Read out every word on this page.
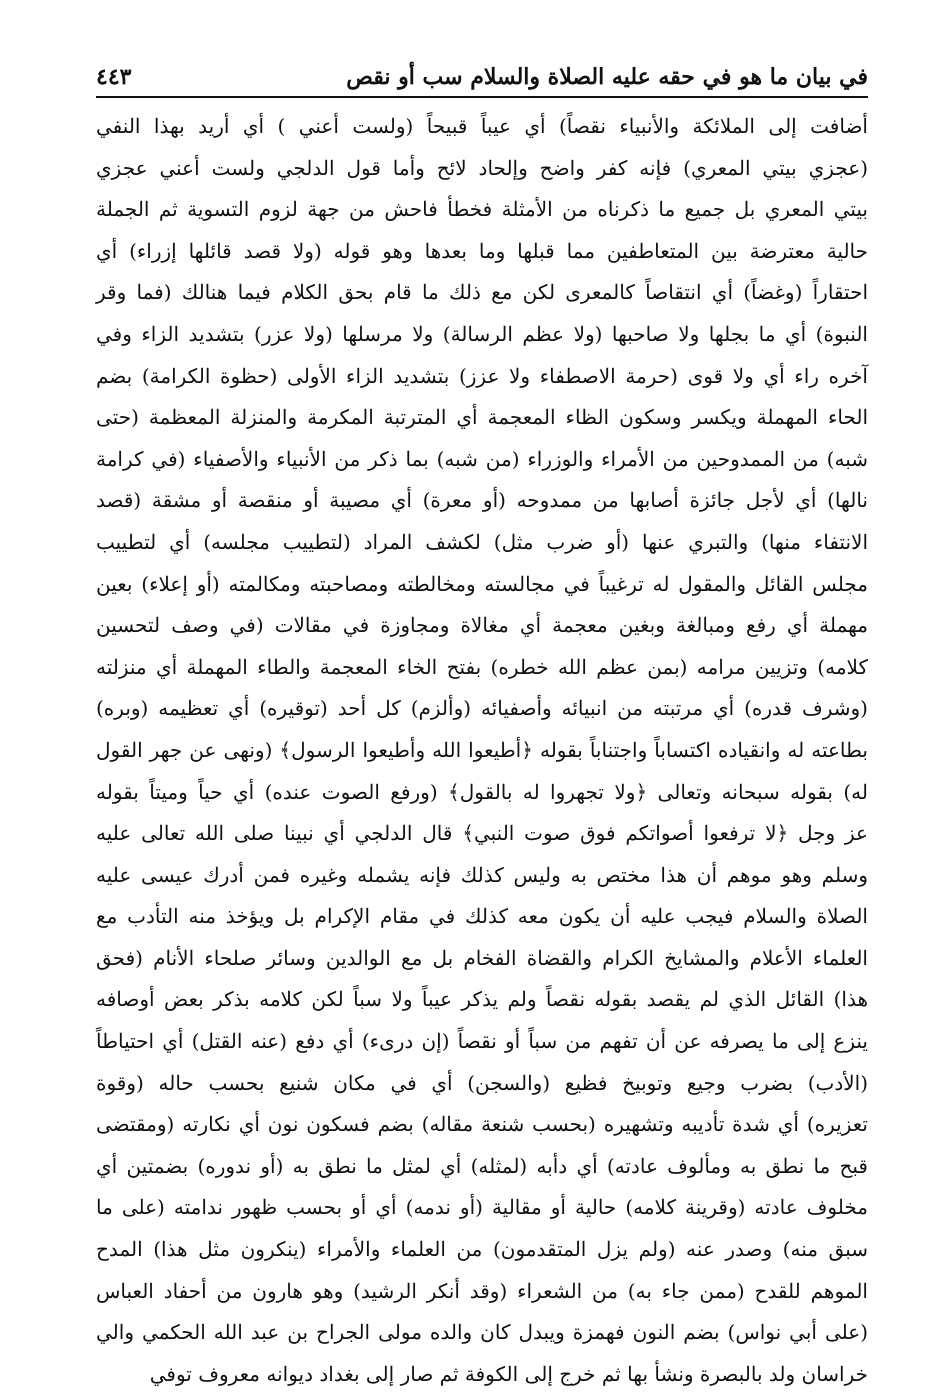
في بيان ما هو في حقه عليه الصلاة والسلام سب أو نقص
٤٤٣
أضافت إلى الملائكة والأنبياء نقصاً) أي عيباً قبيحاً (ولست أعني ) أي أريد بهذا النفي
(عجزي بيتي المعري) فإنه كفر واضح وإلحاد لائح وأما قول الدلجي ولست أعني عجزي
بيتي المعري بل جميع ما ذكرناه من الأمثلة فخطأ فاحش من جهة لزوم التسوية ثم الجملة
حالية معترضة بين المتعاطفين مما قبلها وما بعدها وهو قوله (ولا قصد قائلها إزراء) أي
احتقاراً (وغضاً) أي انتقاصاً كالمعرى لكن مع ذلك ما قام بحق الكلام فيما هنالك (فما وقر
النبوة) أي ما بجلها ولا صاحبها (ولا عظم الرسالة) ولا مرسلها (ولا عزر) بتشديد الزاء وفي
آخره راء أي ولا قوى (حرمة الاصطفاء ولا عزز) بتشديد الزاء الأولى (حظوة الكرامة) بضم
الحاء المهملة ويكسر وسكون الظاء المعجمة أي المترتبة المكرمة والمنزلة المعظمة (حتى
شبه) من الممدوحين من الأمراء والوزراء (من شبه) بما ذكر من الأنبياء والأصفياء (في كرامة
نالها) أي لأجل جائزة أصابها من ممدوحه (أو معرة) أي مصيبة أو منقصة أو مشقة (قصد
الانتفاء منها) والتبري عنها (أو ضرب مثل) لكشف المراد (لتطييب مجلسه) أي لتطييب
مجلس القائل والمقول له ترغيباً في مجالسته ومخالطته ومصاحبته ومكالمته (أو إعلاء) بعين
مهملة أي رفع ومبالغة وبغين معجمة أي مغالاة ومجاوزة في مقالات (في وصف لتحسين
كلامه) وتزيين مرامه (بمن عظم الله خطره) بفتح الخاء المعجمة والطاء المهملة أي منزلته
(وشرف قدره) أي مرتبته من انبيائه وأصفيائه (وألزم) كل أحد (توقيره) أي تعظيمه (وبره)
بطاعته له وانقياده اكتساباً واجتناباً بقوله ﴿أطيعوا الله وأطيعوا الرسول﴾ (ونهى عن جهر القول
له) بقوله سبحانه وتعالى ﴿ولا تجهروا له بالقول﴾ (ورفع الصوت عنده) أي حياً وميتاً بقوله
عز وجل ﴿لا ترفعوا أصواتكم فوق صوت النبي﴾ قال الدلجي أي نبينا صلى الله تعالى عليه
وسلم وهو موهم أن هذا مختص به وليس كذلك فإنه يشمله وغيره فمن أدرك عيسى عليه
الصلاة والسلام فيجب عليه أن يكون معه كذلك في مقام الإكرام بل ويؤخذ منه التأدب مع
العلماء الأعلام والمشايخ الكرام والقضاة الفخام بل مع الوالدين وسائر صلحاء الأنام (فحق
هذا) القائل الذي لم يقصد بقوله نقصاً ولم يذكر عيباً ولا سباً لكن كلامه بذكر بعض أوصافه
ينزع إلى ما يصرفه عن أن تفهم من سباً أو نقصاً (إن درىء) أي دفع (عنه القتل) أي احتياطاً
(الأدب) بضرب وجيع وتوبيخ فظيع (والسجن) أي في مكان شنيع بحسب حاله (وقوة
تعزيره) أي شدة تأديبه وتشهيره (بحسب شنعة مقاله) بضم فسكون نون أي نكارته (ومقتضى
قبح ما نطق به ومألوف عادته) أي دأبه (لمثله) أي لمثل ما نطق به (أو ندوره) بضمتين أي
مخلوف عادته (وقرينة كلامه) حالية أو مقالية (أو ندمه) أي أو بحسب ظهور ندامته (على ما
سبق منه) وصدر عنه (ولم يزل المتقدمون) من العلماء والأمراء (ينكرون مثل هذا) المدح
الموهم للقدح (ممن جاء به) من الشعراء (وقد أنكر الرشيد) وهو هارون من أحفاد العباس
(على أبي نواس) بضم النون فهمزة ويبدل كان والده مولى الجراح بن عبد الله الحكمي والي
خراسان ولد بالبصرة ونشأ بها ثم خرج إلى الكوفة ثم صار إلى بغداد ديوانه معروف توفي
